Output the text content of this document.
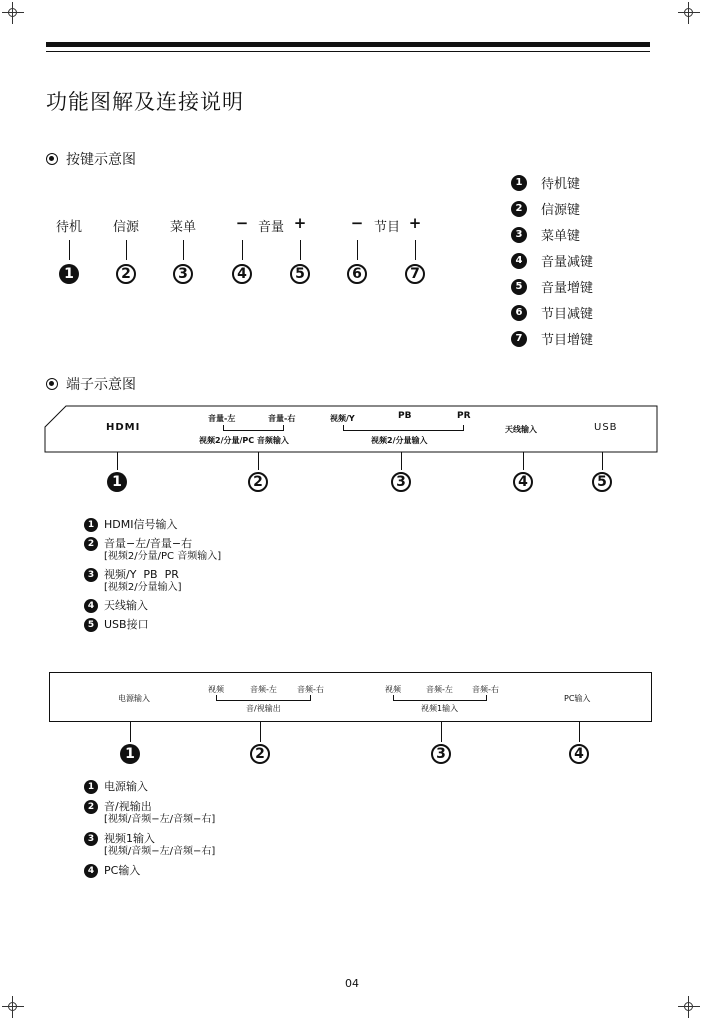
功能图解及连接说明
按键示意图
待机 信源 菜单	− 音量 +	− 节目 +
1	2	3	4	5	6	7
1	待机键
2	信源键
3	菜单键
4	音量减键
5	音量增键
6	节目减键
7	节目增键
端子示意图
HDMI
音量-左	音量-右
视频2/分量/PC 音频输入
视频/Y	PB	PR
视频2/分量输入
天线输入	USB
1	2	3	4	5
1 HDMI信号输入
2 音量−左/音量−右
[视频2/分量/PC 音频输入]
3 视频/Y  PB  PR
[视频2/分量输入]
4 天线输入
5 USB接口
电源输入
视频	音频-左	音频-右
音/视输出
视频	音频-左 音频-右
视频1输入
PC输入
1	2	3	4
1 电源输入
2 音/视输出
[视频/音频−左/音频−右]
3 视频1输入
[视频/音频−左/音频−右]
4 PC输入
04
